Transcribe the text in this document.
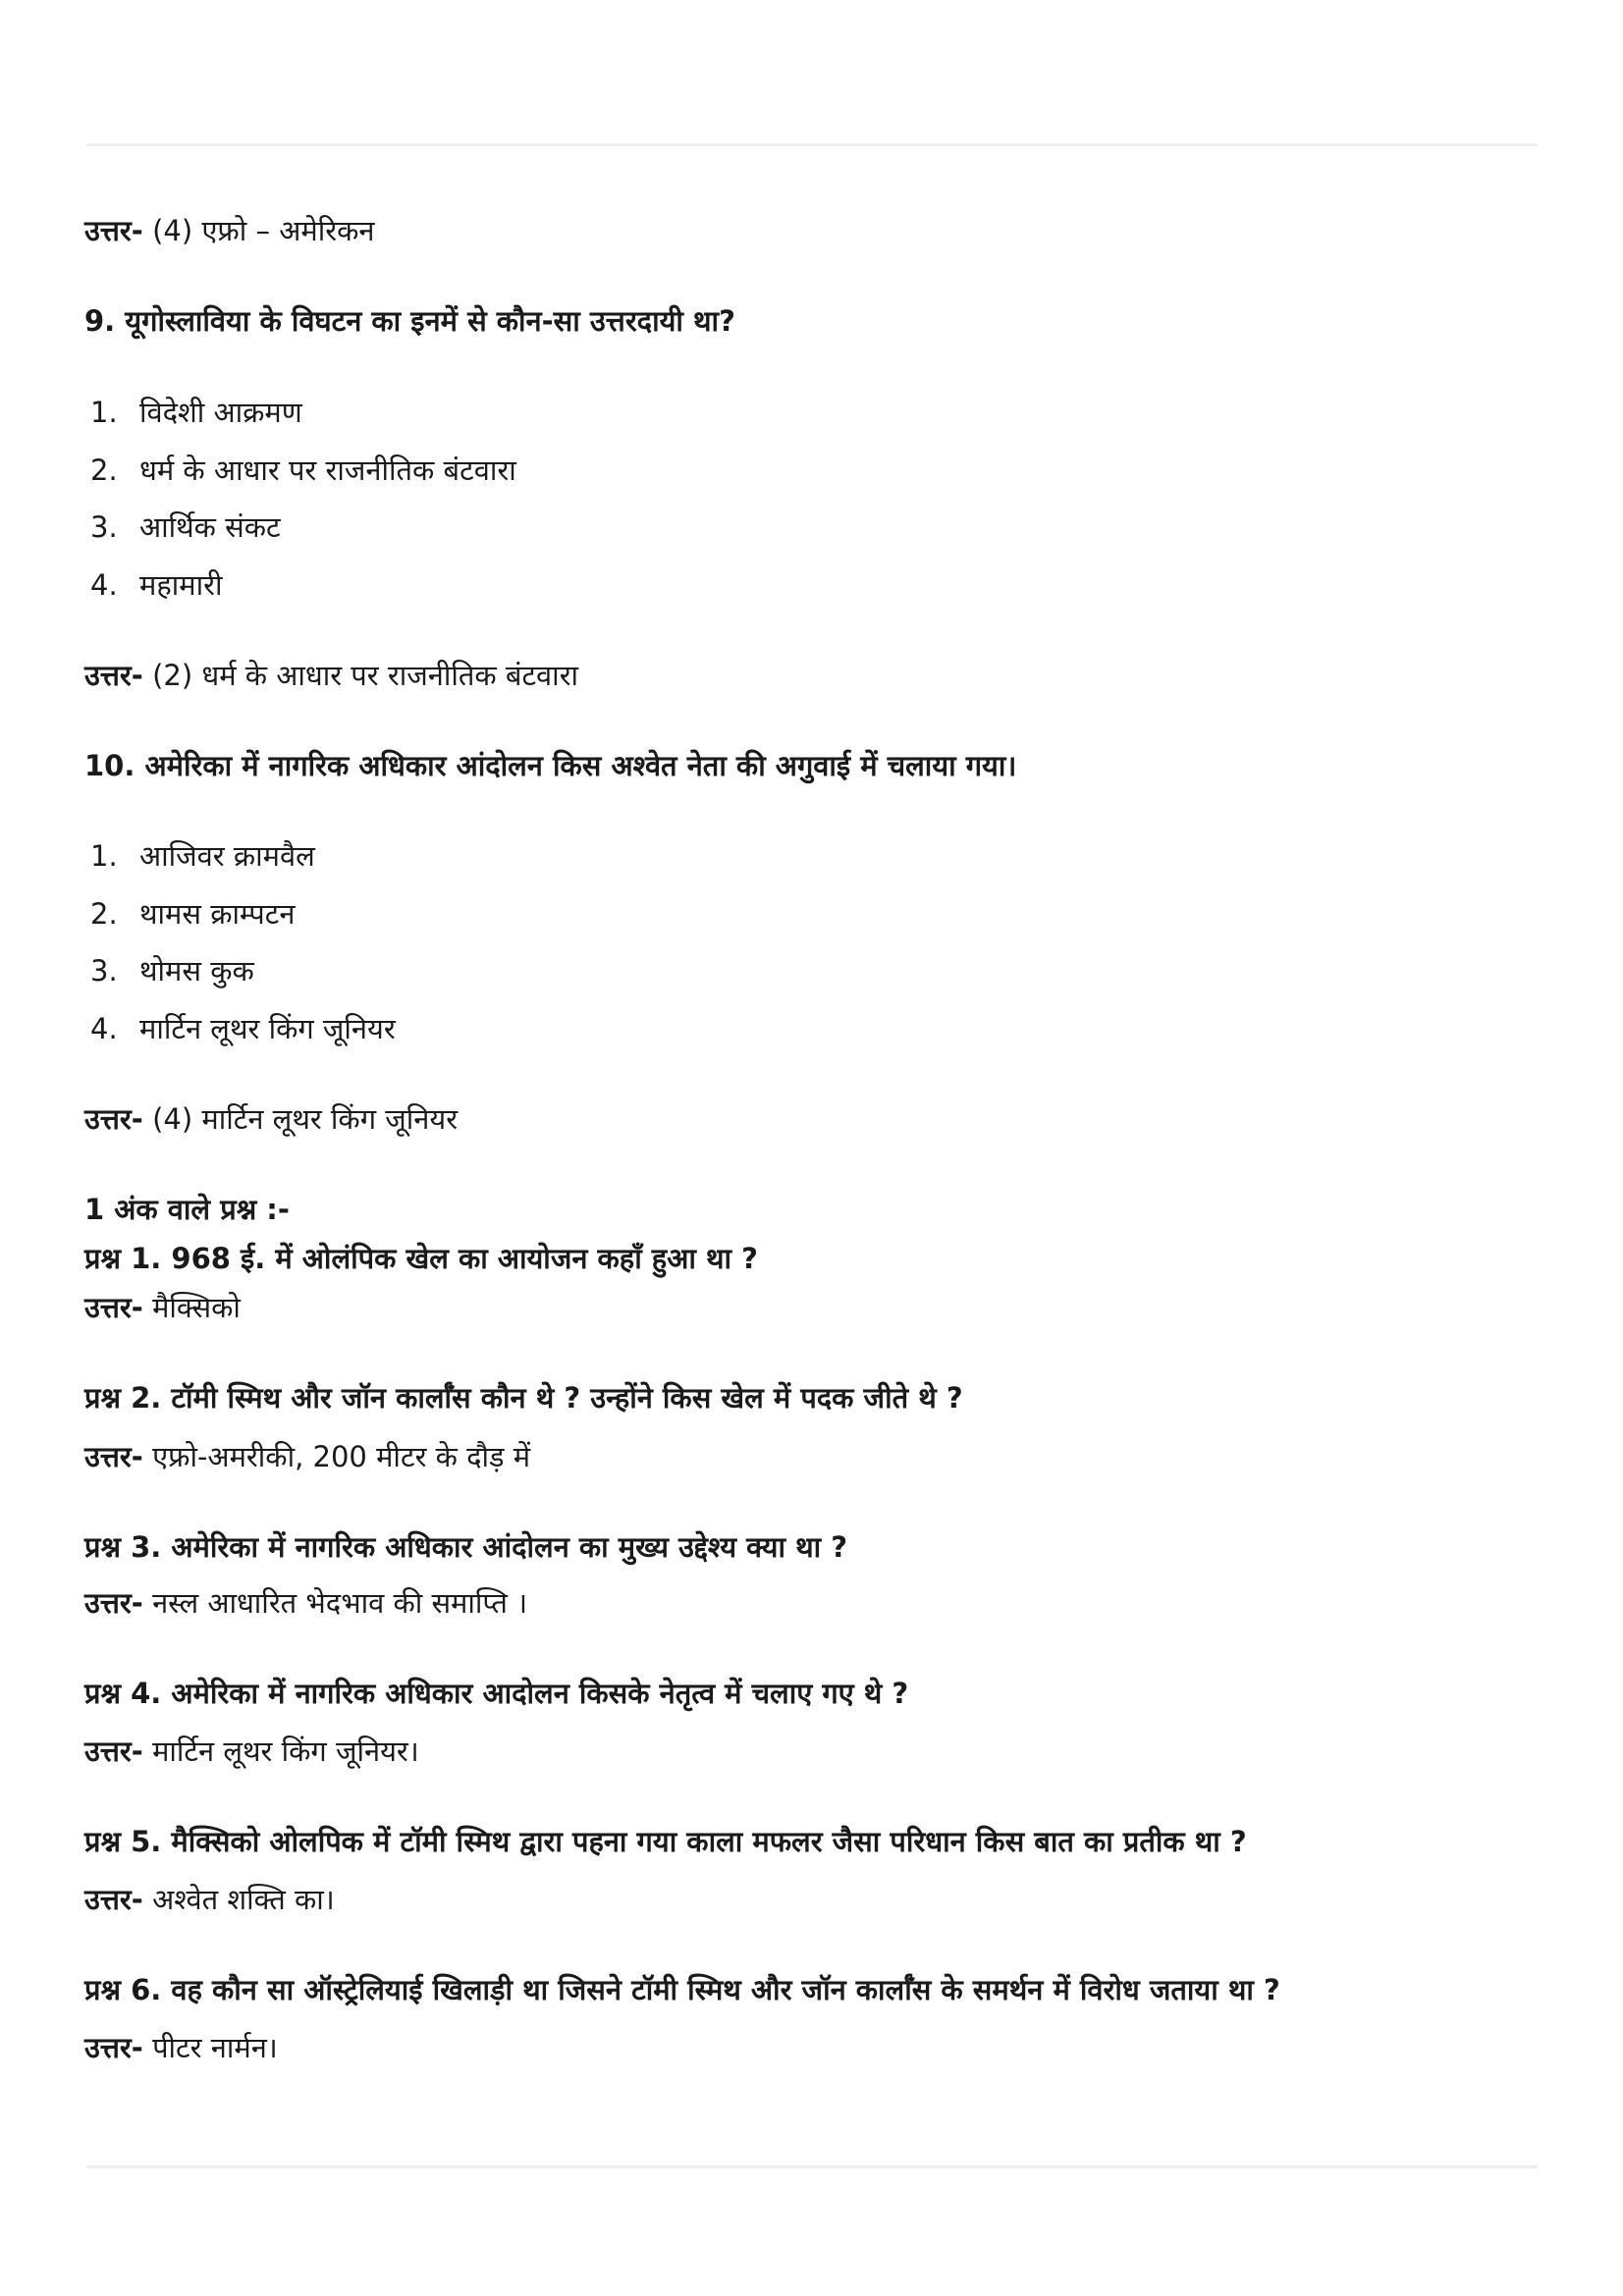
उत्तर- (4) एफ्रो – अमेरिकन
9. यूगोस्लाविया के विघटन का इनमें से कौन-सा उत्तरदायी था?
1. विदेशी आक्रमण
2. धर्म के आधार पर राजनीतिक बंटवारा
3. आर्थिक संकट
4. महामारी
उत्तर- (2) धर्म के आधार पर राजनीतिक बंटवारा
10. अमेरिका में नागरिक अधिकार आंदोलन किस अश्वेत नेता की अगुवाई में चलाया गया।
1. आजिवर क्रामवैल
2. थामस क्राम्पटन
3. थोमस कुक
4. मार्टिन लूथर किंग जूनियर
उत्तर- (4) मार्टिन लूथर किंग जूनियर
1 अंक वाले प्रश्न :-
प्रश्न 1. 968 ई. में ओलंपिक खेल का आयोजन कहाँ हुआ था ?
उत्तर- मैक्सिको
प्रश्न 2. टॉमी स्मिथ और जॉन कार्लाँस कौन थे ? उन्होंने किस खेल में पदक जीते थे ?
उत्तर- एफ्रो-अमरीकी, 200 मीटर के दौड़ में
प्रश्न 3. अमेरिका में नागरिक अधिकार आंदोलन का मुख्य उद्देश्य क्या था ?
उत्तर- नस्ल आधारित भेदभाव की समाप्ति ।
प्रश्न 4. अमेरिका में नागरिक अधिकार आदोलन किसके नेतृत्व में चलाए गए थे ?
उत्तर- मार्टिन लूथर किंग जूनियर।
प्रश्न 5. मैक्सिको ओलपिक में टॉमी स्मिथ द्वारा पहना गया काला मफलर जैसा परिधान किस बात का प्रतीक था ?
उत्तर- अश्वेत शक्ति का।
प्रश्न 6. वह कौन सा ऑस्ट्रेलियाई खिलाड़ी था जिसने टॉमी स्मिथ और जॉन कार्लाँस के समर्थन में विरोध जताया था ?
उत्तर- पीटर नार्मन।
